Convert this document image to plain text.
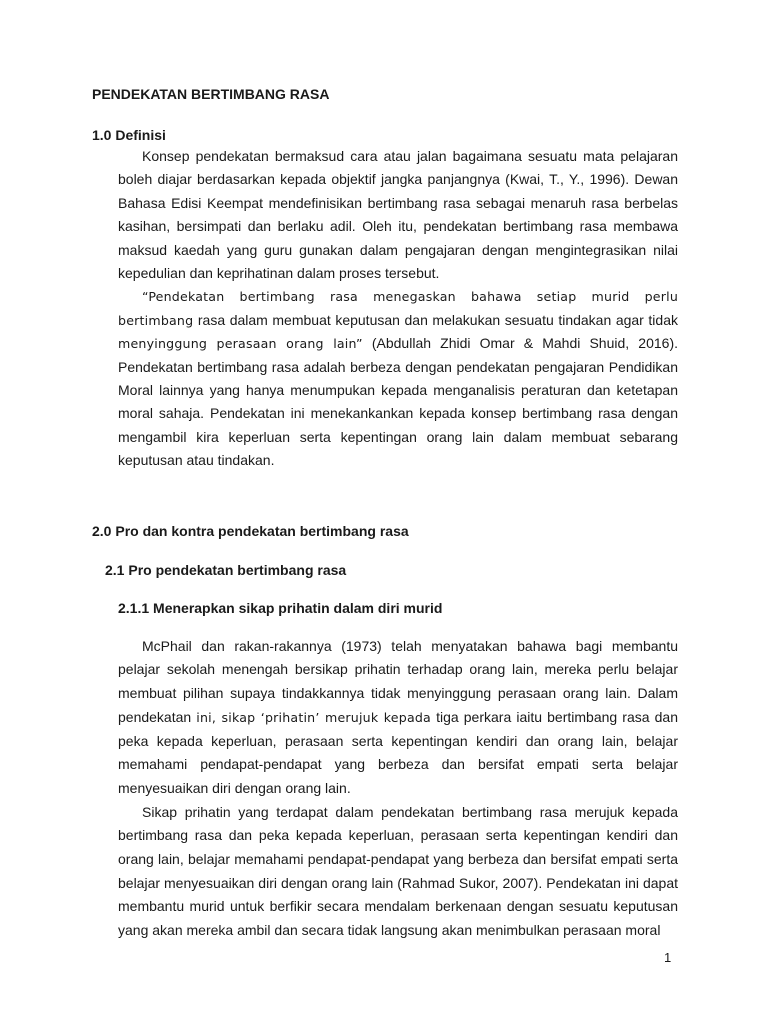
PENDEKATAN BERTIMBANG RASA
1.0 Definisi

Konsep pendekatan bermaksud cara atau jalan bagaimana sesuatu mata pelajaran boleh diajar berdasarkan kepada objektif jangka panjangnya (Kwai, T., Y., 1996). Dewan Bahasa Edisi Keempat mendefinisikan bertimbang rasa sebagai menaruh rasa berbelas kasihan, bersimpati dan berlaku adil. Oleh itu, pendekatan bertimbang rasa membawa maksud kaedah yang guru gunakan dalam pengajaran dengan mengintegrasikan nilai kepedulian dan keprihatinan dalam proses tersebut.

“Pendekatan bertimbang rasa menegaskan bahawa setiap murid perlu bertimbang rasa dalam membuat keputusan dan melakukan sesuatu tindakan agar tidak menyinggung perasaan orang lain” (Abdullah Zhidi Omar & Mahdi Shuid, 2016). Pendekatan bertimbang rasa adalah berbeza dengan pendekatan pengajaran Pendidikan Moral lainnya yang hanya menumpukan kepada menganalisis peraturan dan ketetapan moral sahaja. Pendekatan ini menekankankan kepada konsep bertimbang rasa dengan mengambil kira keperluan serta kepentingan orang lain dalam membuat sebarang keputusan atau tindakan.

2.0 Pro dan kontra pendekatan bertimbang rasa
2.1 Pro pendekatan bertimbang rasa
2.1.1 Menerapkan sikap prihatin dalam diri murid

McPhail dan rakan-rakannya (1973) telah menyatakan bahawa bagi membantu pelajar sekolah menengah bersikap prihatin terhadap orang lain, mereka perlu belajar membuat pilihan supaya tindakkannya tidak menyinggung perasaan orang lain. Dalam pendekatan ini, sikap ‘prihatin’ merujuk kepada tiga perkara iaitu bertimbang rasa dan peka kepada keperluan, perasaan serta kepentingan kendiri dan orang lain, belajar memahami pendapat-pendapat yang berbeza dan bersifat empati serta belajar menyesuaikan diri dengan orang lain.

Sikap prihatin yang terdapat dalam pendekatan bertimbang rasa merujuk kepada bertimbang rasa dan peka kepada keperluan, perasaan serta kepentingan kendiri dan orang lain, belajar memahami pendapat-pendapat yang berbeza dan bersifat empati serta belajar menyesuaikan diri dengan orang lain (Rahmad Sukor, 2007). Pendekatan ini dapat membantu murid untuk berfikir secara mendalam berkenaan dengan sesuatu keputusan yang akan mereka ambil dan secara tidak langsung akan menimbulkan perasaan moral

1
